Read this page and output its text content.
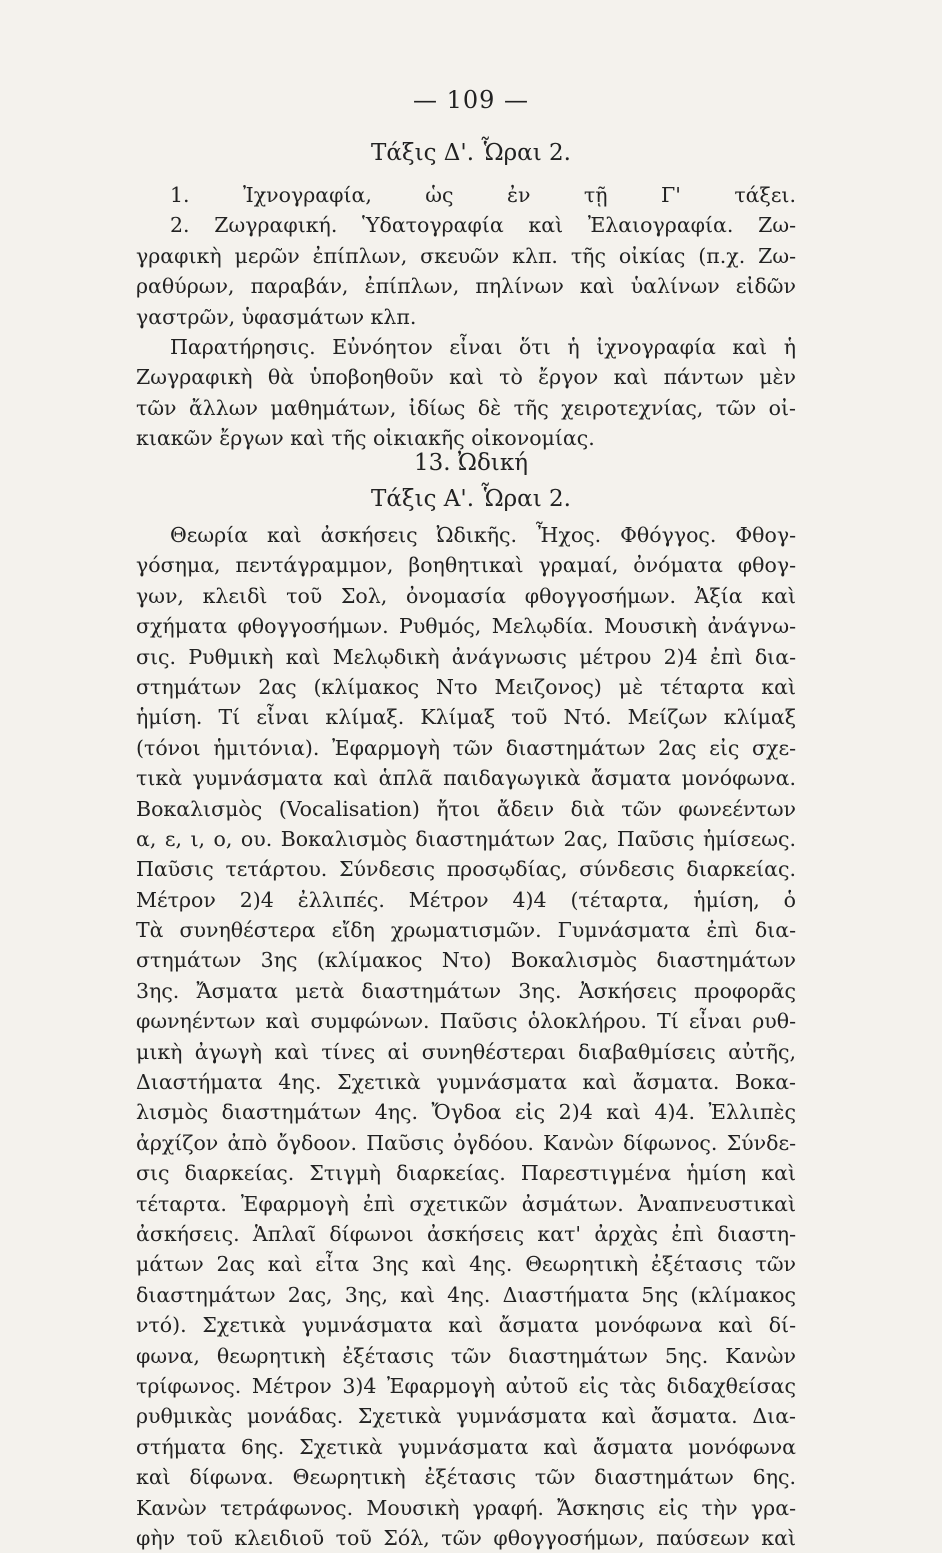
— 109 —
Τάξις Δ'. Ὧραι 2.
1. Ἰχνογραφία, ὡς ἐν τῇ Γ' τάξει.
2. Ζωγραφική. Ὑδατογραφία καὶ Ἐλαιογραφία. Ζω-
γραφικὴ μερῶν ἐπίπλων, σκευῶν κλπ. τῆς οἰκίας (π.χ. Ζω-
ραθύρων, παραβάν, ἐπίπλων, πηλίνων καὶ ὑαλίνων εἰδῶν
γαστρῶν, ὑφασμάτων κλπ.
Παρατήρησις. Εὐνόητον εἶναι ὅτι ἡ ἰχνογραφία καὶ ἡ
Ζωγραφικὴ θὰ ὑποβοηθοῦν καὶ τὸ ἔργον καὶ πάντων μὲν
τῶν ἄλλων μαθημάτων, ἰδίως δὲ τῆς χειροτεχνίας, τῶν οἰ-
κιακῶν ἔργων καὶ τῆς οἰκιακῆς οἰκονομίας.
13. Ὠδική
Τάξις Α'. Ὧραι 2.
Θεωρία καὶ ἀσκήσεις Ὠδικῆς. Ἦχος. Φθόγγος. Φθογ-
γόσημα, πεντάγραμμον, βοηθητικαὶ γραμαί, ὀνόματα φθογ-
γων, κλειδὶ τοῦ Σολ, ὀνομασία φθογγοσήμων. Ἀξία καὶ
σχήματα φθογγοσήμων. Ρυθμός, Μελῳδία. Μουσικὴ ἀνάγνω-
σις. Ρυθμικὴ καὶ Μελῳδικὴ ἀνάγνωσις μέτρου 2)4 ἐπὶ δια-
στημάτων 2ας (κλίμακος Ντο Μειζονος) μὲ τέταρτα καὶ
ἡμίση. Τί εἶναι κλίμαξ. Κλίμαξ τοῦ Ντό. Μείζων κλίμαξ
(τόνοι ἡμιτόνια). Ἐφαρμογὴ τῶν διαστημάτων 2ας εἰς σχε-
τικὰ γυμνάσματα καὶ ἁπλᾶ παιδαγωγικὰ ἄσματα μονόφωνα.
Βοκαλισμὸς (Vocalisation) ἤτοι ἄδειν διὰ τῶν φωνεέντων
α, ε, ι, ο, ου. Βοκαλισμὸς διαστημάτων 2ας, Παῦσις ἡμίσεως.
Παῦσις τετάρτου. Σύνδεσις προσῳδίας, σύνδεσις διαρκείας.
Μέτρον 2)4 ἐλλιπές. Μέτρον 4)4 (τέταρτα, ἡμίση, ὁ
Τὰ συνηθέστερα εἴδη χρωματισμῶν. Γυμνάσματα ἐπὶ δια-
στημάτων 3ης (κλίμακος Ντο) Βοκαλισμὸς διαστημάτων
3ης. Ἄσματα μετὰ διαστημάτων 3ης. Ἀσκήσεις προφορᾶς
φωνηέντων καὶ συμφώνων. Παῦσις ὁλοκλήρου. Τί εἶναι ρυθ-
μικὴ ἀγωγὴ καὶ τίνες αἱ συνηθέστεραι διαβαθμίσεις αὐτῆς,
Διαστήματα 4ης. Σχετικὰ γυμνάσματα καὶ ἄσματα. Βοκα-
λισμὸς διαστημάτων 4ης. Ὄγδοα εἰς 2)4 καὶ 4)4. Ἐλλιπὲς
ἀρχίζον ἀπὸ ὄγδοον. Παῦσις ὀγδόου. Κανὼν δίφωνος. Σύνδε-
σις διαρκείας. Στιγμὴ διαρκείας. Παρεστιγμένα ἡμίση καὶ
τέταρτα. Ἐφαρμογὴ ἐπὶ σχετικῶν ἀσμάτων. Ἀναπνευστικαὶ
ἀσκήσεις. Ἁπλαῖ δίφωνοι ἀσκήσεις κατ' ἀρχὰς ἐπὶ διαστη-
μάτων 2ας καὶ εἶτα 3ης καὶ 4ης. Θεωρητικὴ ἐξέτασις τῶν
διαστημάτων 2ας, 3ης, καὶ 4ης. Διαστήματα 5ης (κλίμακος
ντό). Σχετικὰ γυμνάσματα καὶ ἄσματα μονόφωνα καὶ δί-
φωνα, θεωρητικὴ ἐξέτασις τῶν διαστημάτων 5ης. Κανὼν
τρίφωνος. Μέτρον 3)4 Ἐφαρμογὴ αὐτοῦ εἰς τὰς διδαχθείσας
ρυθμικὰς μονάδας. Σχετικὰ γυμνάσματα καὶ ἄσματα. Δια-
στήματα 6ης. Σχετικὰ γυμνάσματα καὶ ἄσματα μονόφωνα
καὶ δίφωνα. Θεωρητικὴ ἐξέτασις τῶν διαστημάτων 6ης.
Κανὼν τετράφωνος. Μουσικὴ γραφή. Ἄσκησις εἰς τὴν γρα-
φὴν τοῦ κλειδιοῦ τοῦ Σόλ, τῶν φθογγοσήμων, παύσεων καὶ
